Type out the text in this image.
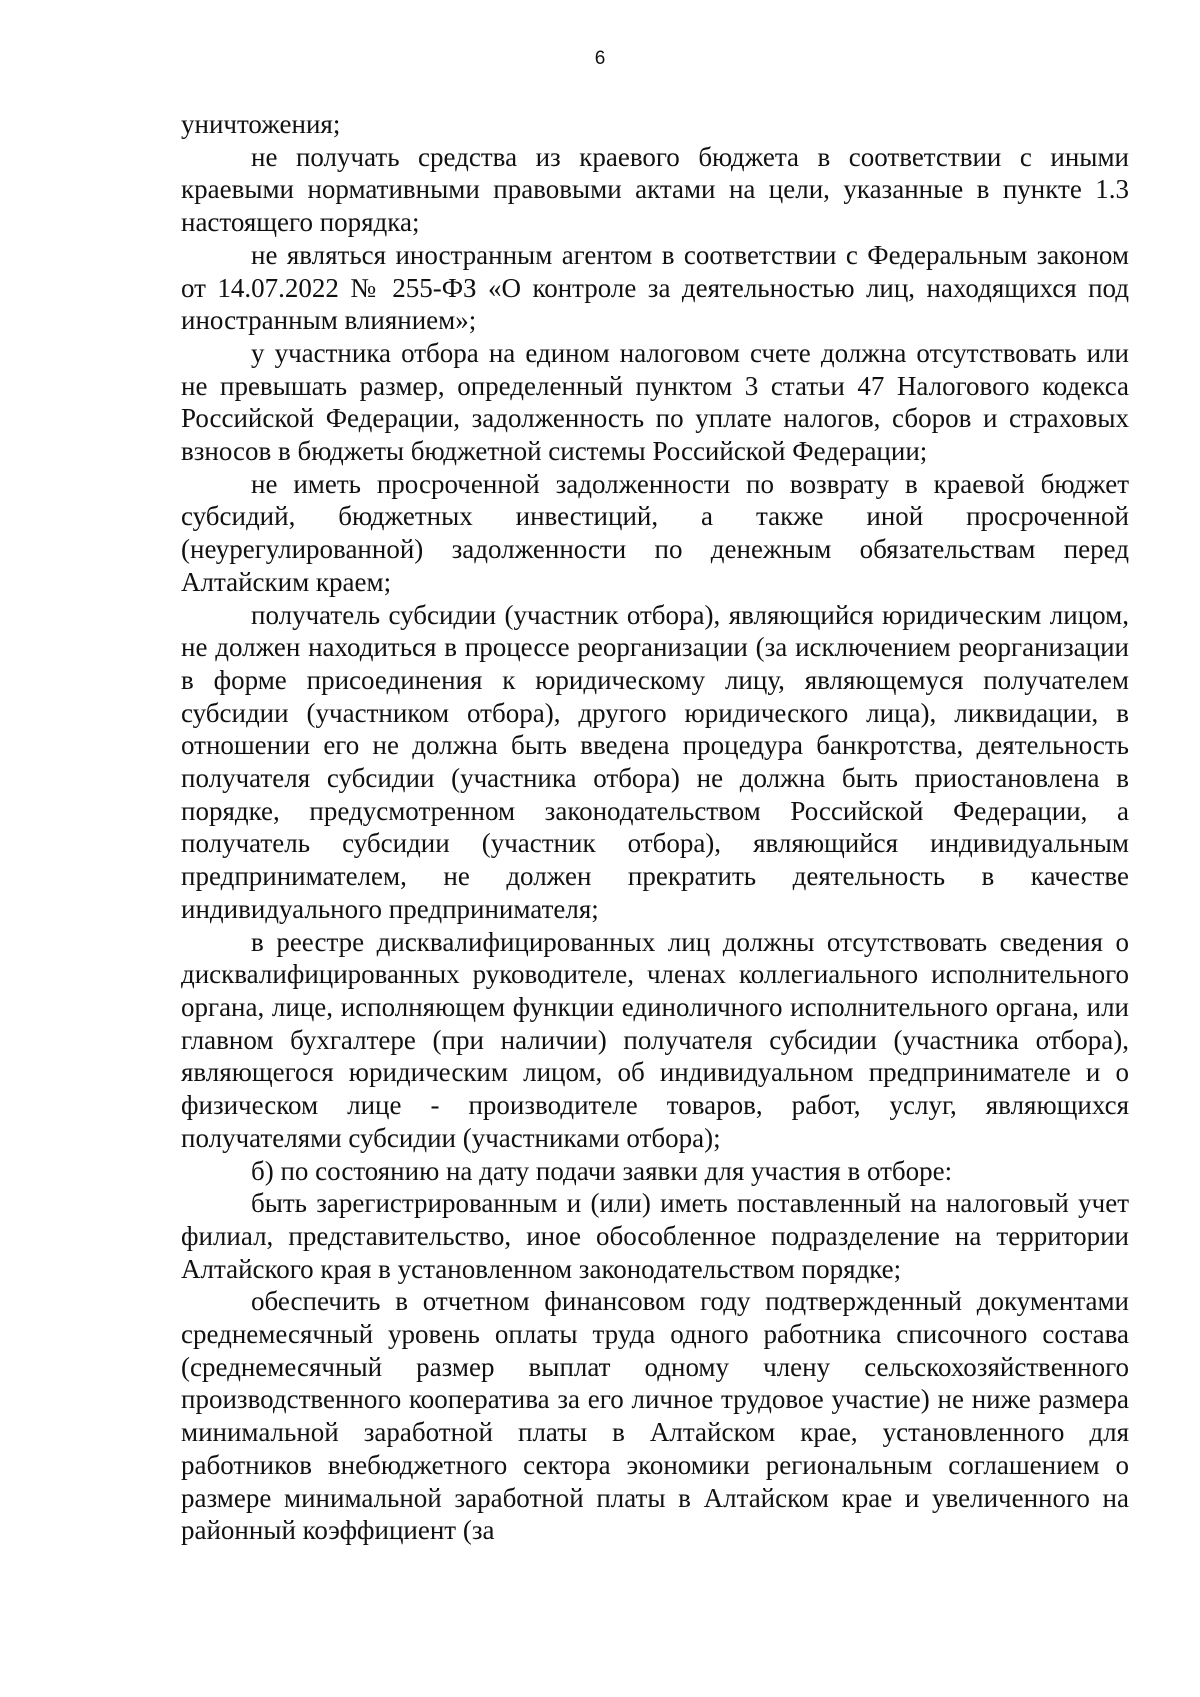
6

уничтожения;

не получать средства из краевого бюджета в соответствии с иными краевыми нормативными правовыми актами на цели, указанные в пункте 1.3 настоящего порядка;

не являться иностранным агентом в соответствии с Федеральным законом от 14.07.2022 № 255-ФЗ «О контроле за деятельностью лиц, находящихся под иностранным влиянием»;

у участника отбора на едином налоговом счете должна отсутствовать или не превышать размер, определенный пунктом 3 статьи 47 Налогового кодекса Российской Федерации, задолженность по уплате налогов, сборов и страховых взносов в бюджеты бюджетной системы Российской Федерации;

не иметь просроченной задолженности по возврату в краевой бюджет субсидий, бюджетных инвестиций, а также иной просроченной (неурегулированной) задолженности по денежным обязательствам перед Алтайским краем;

получатель субсидии (участник отбора), являющийся юридическим лицом, не должен находиться в процессе реорганизации (за исключением реорганизации в форме присоединения к юридическому лицу, являющемуся получателем субсидии (участником отбора), другого юридического лица), ликвидации, в отношении его не должна быть введена процедура банкротства, деятельность получателя субсидии (участника отбора) не должна быть приостановлена в порядке, предусмотренном законодательством Российской Федерации, а получатель субсидии (участник отбора), являющийся индивидуальным предпринимателем, не должен прекратить деятельность в качестве индивидуального предпринимателя;

в реестре дисквалифицированных лиц должны отсутствовать сведения о дисквалифицированных руководителе, членах коллегиального исполнительного органа, лице, исполняющем функции единоличного исполнительного органа, или главном бухгалтере (при наличии) получателя субсидии (участника отбора), являющегося юридическим лицом, об индивидуальном предпринимателе и о физическом лице - производителе товаров, работ, услуг, являющихся получателями субсидии (участниками отбора);

б) по состоянию на дату подачи заявки для участия в отборе:

быть зарегистрированным и (или) иметь поставленный на налоговый учет филиал, представительство, иное обособленное подразделение на территории Алтайского края в установленном законодательством порядке;

обеспечить в отчетном финансовом году подтвержденный документами среднемесячный уровень оплаты труда одного работника списочного состава (среднемесячный размер выплат одному члену сельскохозяйственного производственного кооператива за его личное трудовое участие) не ниже размера минимальной заработной платы в Алтайском крае, установленного для работников внебюджетного сектора экономики региональным соглашением о размере минимальной заработной платы в Алтайском крае и увеличенного на районный коэффициент (за
